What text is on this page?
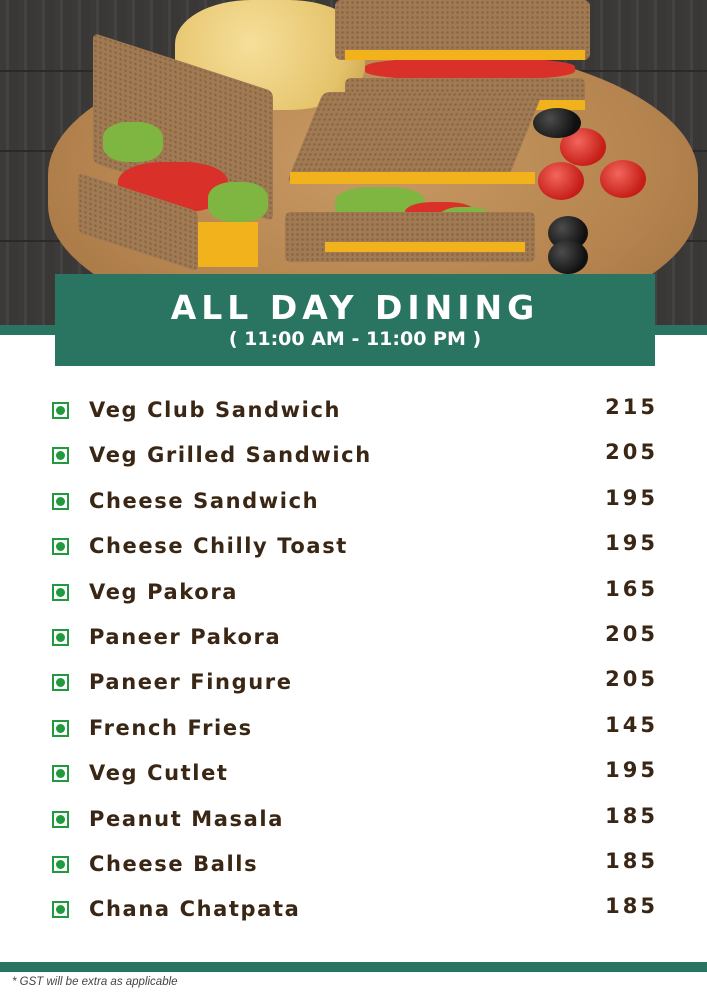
ALL DAY DINING
( 11:00 AM - 11:00 PM )
Veg Club Sandwich	215
Veg Grilled Sandwich	205
Cheese Sandwich	195
Cheese Chilly Toast	195
Veg Pakora	165
Paneer Pakora	205
Paneer Fingure	205
French Fries	145
Veg Cutlet	195
Peanut Masala	185
Cheese Balls	185
Chana Chatpata	185
* GST will be extra as applicable
